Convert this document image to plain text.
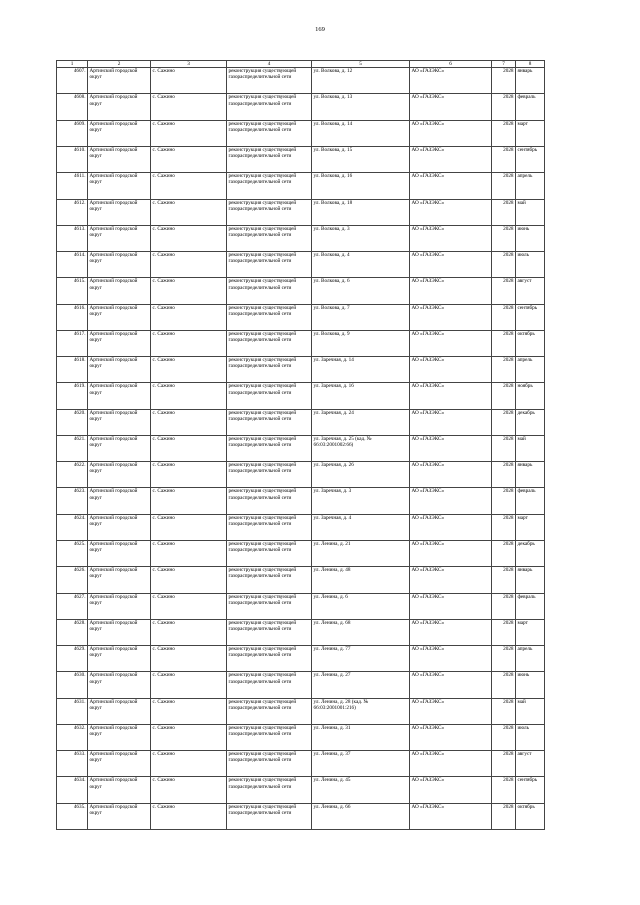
169
1	2	3	4	5	6	7	8
4607.	Артинский городской округ	с. Сажино	реконструкция существующей газораспределительной сети	ул. Волкова, д. 12	АО «ГАЗЭКС»	2028	январь
4608.	Артинский городской округ	с. Сажино	реконструкция существующей газораспределительной сети	ул. Волкова, д. 13	АО «ГАЗЭКС»	2028	февраль
4609.	Артинский городской округ	с. Сажино	реконструкция существующей газораспределительной сети	ул. Волкова, д. 14	АО «ГАЗЭКС»	2028	март
4610.	Артинский городской округ	с. Сажино	реконструкция существующей газораспределительной сети	ул. Волкова, д. 15	АО «ГАЗЭКС»	2028	сентябрь
4611.	Артинский городской округ	с. Сажино	реконструкция существующей газораспределительной сети	ул. Волкова, д. 16	АО «ГАЗЭКС»	2028	апрель
4612.	Артинский городской округ	с. Сажино	реконструкция существующей газораспределительной сети	ул. Волкова, д. 18	АО «ГАЗЭКС»	2028	май
4613.	Артинский городской округ	с. Сажино	реконструкция существующей газораспределительной сети	ул. Волкова, д. 3	АО «ГАЗЭКС»	2028	июнь
4614.	Артинский городской округ	с. Сажино	реконструкция существующей газораспределительной сети	ул. Волкова, д. 4	АО «ГАЗЭКС»	2028	июль
4615.	Артинский городской округ	с. Сажино	реконструкция существующей газораспределительной сети	ул. Волкова, д. 6	АО «ГАЗЭКС»	2028	август
4616.	Артинский городской округ	с. Сажино	реконструкция существующей газораспределительной сети	ул. Волкова, д. 7	АО «ГАЗЭКС»	2028	сентябрь
4617.	Артинский городской округ	с. Сажино	реконструкция существующей газораспределительной сети	ул. Волкова, д. 9	АО «ГАЗЭКС»	2028	октябрь
4618.	Артинский городской округ	с. Сажино	реконструкция существующей газораспределительной сети	ул. Заречная, д. 14	АО «ГАЗЭКС»	2028	апрель
4619.	Артинский городской округ	с. Сажино	реконструкция существующей газораспределительной сети	ул. Заречная, д. 16	АО «ГАЗЭКС»	2028	ноябрь
4620.	Артинский городской округ	с. Сажино	реконструкция существующей газораспределительной сети	ул. Заречная, д. 24	АО «ГАЗЭКС»	2028	декабрь
4621.	Артинский городской округ	с. Сажино	реконструкция существующей газораспределительной сети	ул. Заречная, д. 25 (кад. № 66:03:2001002:66)	АО «ГАЗЭКС»	2028	май
4622.	Артинский городской округ	с. Сажино	реконструкция существующей газораспределительной сети	ул. Заречная, д. 26	АО «ГАЗЭКС»	2028	январь
4623.	Артинский городской округ	с. Сажино	реконструкция существующей газораспределительной сети	ул. Заречная, д. 3	АО «ГАЗЭКС»	2028	февраль
4624.	Артинский городской округ	с. Сажино	реконструкция существующей газораспределительной сети	ул. Заречная, д. 4	АО «ГАЗЭКС»	2028	март
4625.	Артинский городской округ	с. Сажино	реконструкция существующей газораспределительной сети	ул. Ленина, д. 21	АО «ГАЗЭКС»	2028	декабрь
4626.	Артинский городской округ	с. Сажино	реконструкция существующей газораспределительной сети	ул. Ленина, д. 48	АО «ГАЗЭКС»	2028	январь
4627.	Артинский городской округ	с. Сажино	реконструкция существующей газораспределительной сети	ул. Ленина, д. 6	АО «ГАЗЭКС»	2028	февраль
4628.	Артинский городской округ	с. Сажино	реконструкция существующей газораспределительной сети	ул. Ленина, д. 68	АО «ГАЗЭКС»	2028	март
4629.	Артинский городской округ	с. Сажино	реконструкция существующей газораспределительной сети	ул. Ленина, д. 77	АО «ГАЗЭКС»	2028	апрель
4630.	Артинский городской округ	с. Сажино	реконструкция существующей газораспределительной сети	ул. Ленина, д. 27	АО «ГАЗЭКС»	2028	июнь
4631.	Артинский городской округ	с. Сажино	реконструкция существующей газораспределительной сети	ул. Ленина, д. 28 (кад. № 66:03:2001001:216)	АО «ГАЗЭКС»	2028	май
4632.	Артинский городской округ	с. Сажино	реконструкция существующей газораспределительной сети	ул. Ленина, д. 31	АО «ГАЗЭКС»	2028	июль
4633.	Артинский городской округ	с. Сажино	реконструкция существующей газораспределительной сети	ул. Ленина, д. 37	АО «ГАЗЭКС»	2028	август
4634.	Артинский городской округ	с. Сажино	реконструкция существующей газораспределительной сети	ул. Ленина, д. 45	АО «ГАЗЭКС»	2028	сентябрь
4635.	Артинский городской округ	с. Сажино	реконструкция существующей газораспределительной сети	ул. Ленина, д. 66	АО «ГАЗЭКС»	2028	октябрь
